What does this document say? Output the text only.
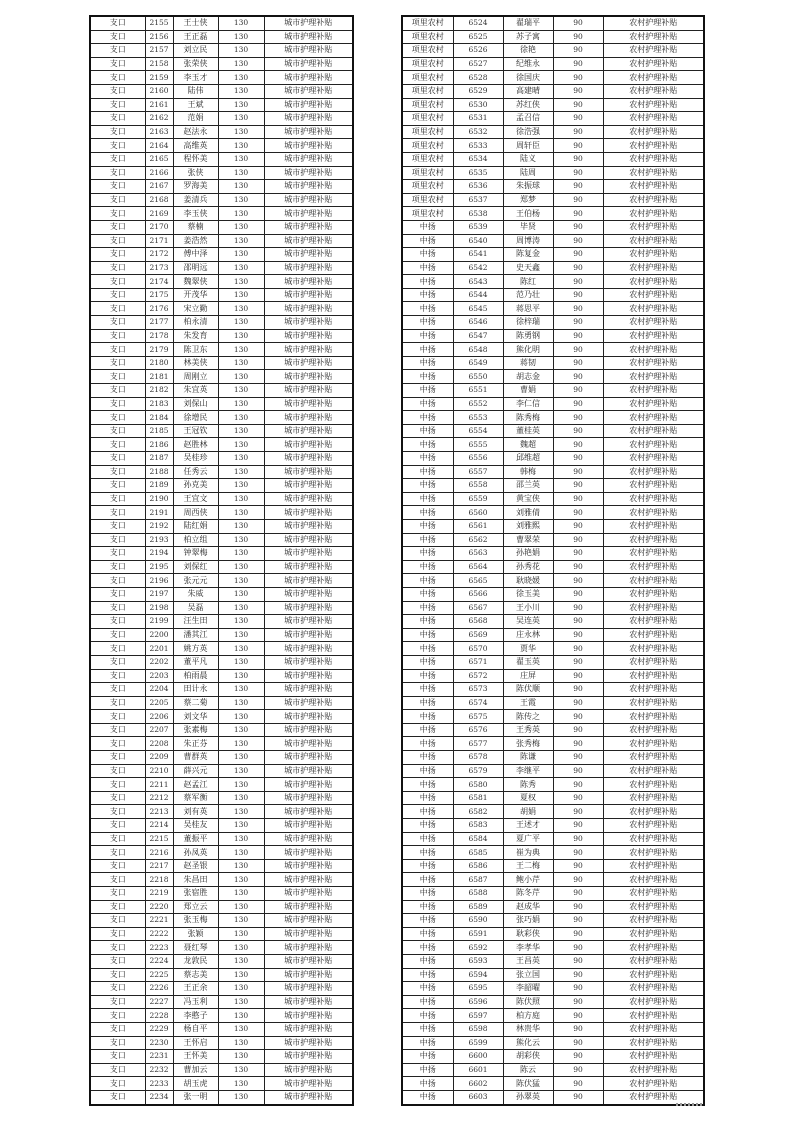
支口	2155	王士侠	130	城市护理补贴
支口	2156	王正磊	130	城市护理补贴
支口	2157	刘立民	130	城市护理补贴
支口	2158	张荣侠	130	城市护理补贴
支口	2159	李玉才	130	城市护理补贴
支口	2160	陆伟	130	城市护理补贴
支口	2161	王斌	130	城市护理补贴
支口	2162	范娟	130	城市护理补贴
支口	2163	赵法永	130	城市护理补贴
支口	2164	高维英	130	城市护理补贴
支口	2165	程怀美	130	城市护理补贴
支口	2166	张侠	130	城市护理补贴
支口	2167	罗海美	130	城市护理补贴
支口	2168	姜清兵	130	城市护理补贴
支口	2169	李玉侠	130	城市护理补贴
支口	2170	蔡楠	130	城市护理补贴
支口	2171	姜浩然	130	城市护理补贴
支口	2172	傅中泽	130	城市护理补贴
支口	2173	邵明远	130	城市护理补贴
支口	2174	魏翠侠	130	城市护理补贴
支口	2175	开茂华	130	城市护理补贴
支口	2176	宋立勤	130	城市护理补贴
支口	2177	柏永清	130	城市护理补贴
支口	2178	朱发育	130	城市护理补贴
支口	2179	陈卫东	130	城市护理补贴
支口	2180	林美侠	130	城市护理补贴
支口	2181	周刚立	130	城市护理补贴
支口	2182	朱宜英	130	城市护理补贴
支口	2183	刘保山	130	城市护理补贴
支口	2184	徐增民	130	城市护理补贴
支口	2185	王冠钦	130	城市护理补贴
支口	2186	赵胜林	130	城市护理补贴
支口	2187	吴桂珍	130	城市护理补贴
支口	2188	任秀云	130	城市护理补贴
支口	2189	孙克美	130	城市护理补贴
支口	2190	王宜文	130	城市护理补贴
支口	2191	周西侠	130	城市护理补贴
支口	2192	陆红娟	130	城市护理补贴
支口	2193	柏立组	130	城市护理补贴
支口	2194	钟翠梅	130	城市护理补贴
支口	2195	刘保红	130	城市护理补贴
支口	2196	张元元	130	城市护理补贴
支口	2197	朱威	130	城市护理补贴
支口	2198	吴磊	130	城市护理补贴
支口	2199	汪生田	130	城市护理补贴
支口	2200	潘其江	130	城市护理补贴
支口	2201	姚方英	130	城市护理补贴
支口	2202	董平凡	130	城市护理补贴
支口	2203	柏雨晨	130	城市护理补贴
支口	2204	田计永	130	城市护理补贴
支口	2205	蔡二菊	130	城市护理补贴
支口	2206	刘文华	130	城市护理补贴
支口	2207	张素梅	130	城市护理补贴
支口	2208	朱正芬	130	城市护理补贴
支口	2209	曹群英	130	城市护理补贴
支口	2210	薛兴元	130	城市护理补贴
支口	2211	赵孟江	130	城市护理补贴
支口	2212	蔡军衡	130	城市护理补贴
支口	2213	刘有英	130	城市护理补贴
支口	2214	吴桂友	130	城市护理补贴
支口	2215	董振平	130	城市护理补贴
支口	2216	孙凤英	130	城市护理补贴
支口	2217	赵圣银	130	城市护理补贴
支口	2218	朱昌田	130	城市护理补贴
支口	2219	张宿胜	130	城市护理补贴
支口	2220	郑立云	130	城市护理补贴
支口	2221	张玉梅	130	城市护理补贴
支口	2222	张颖	130	城市护理补贴
支口	2223	聂红琴	130	城市护理补贴
支口	2224	龙敦民	130	城市护理补贴
支口	2225	蔡志美	130	城市护理补贴
支口	2226	王正余	130	城市护理补贴
支口	2227	冯玉利	130	城市护理补贴
支口	2228	李憨子	130	城市护理补贴
支口	2229	杨自平	130	城市护理补贴
支口	2230	王怀启	130	城市护理补贴
支口	2231	王怀美	130	城市护理补贴
支口	2232	曹加云	130	城市护理补贴
支口	2233	胡玉虎	130	城市护理补贴
支口	2234	张一明	130	城市护理补贴
项里农村	6524	翟瑞平	90	农村护理补贴
项里农村	6525	苏子寓	90	农村护理补贴
项里农村	6526	徐艳	90	农村护理补贴
项里农村	6527	纪维永	90	农村护理补贴
项里农村	6528	徐国庆	90	农村护理补贴
项里农村	6529	高建晴	90	农村护理补贴
项里农村	6530	苏红侠	90	农村护理补贴
项里农村	6531	孟召信	90	农村护理补贴
项里农村	6532	徐浩强	90	农村护理补贴
项里农村	6533	周轩臣	90	农村护理补贴
项里农村	6534	陆义	90	农村护理补贴
项里农村	6535	陆周	90	农村护理补贴
项里农村	6536	朱振球	90	农村护理补贴
项里农村	6537	郑梦	90	农村护理补贴
项里农村	6538	王伯杨	90	农村护理补贴
中扬	6539	毕贤	90	农村护理补贴
中扬	6540	周博涛	90	农村护理补贴
中扬	6541	陈复金	90	农村护理补贴
中扬	6542	史天鑫	90	农村护理补贴
中扬	6543	陈红	90	农村护理补贴
中扬	6544	范乃壮	90	农村护理补贴
中扬	6545	蒋思平	90	农村护理补贴
中扬	6546	徐梓瑞	90	农村护理补贴
中扬	6547	陈勇钢	90	农村护理补贴
中扬	6548	熊化明	90	农村护理补贴
中扬	6549	蒋韧	90	农村护理补贴
中扬	6550	胡志金	90	农村护理补贴
中扬	6551	曹娟	90	农村护理补贴
中扬	6552	李仁信	90	农村护理补贴
中扬	6553	陈秀梅	90	农村护理补贴
中扬	6554	董桂英	90	农村护理补贴
中扬	6555	魏超	90	农村护理补贴
中扬	6556	邱维超	90	农村护理补贴
中扬	6557	韩梅	90	农村护理补贴
中扬	6558	邵兰英	90	农村护理补贴
中扬	6559	黄宝侠	90	农村护理补贴
中扬	6560	刘雅倩	90	农村护理补贴
中扬	6561	刘雅熙	90	农村护理补贴
中扬	6562	曹翠荣	90	农村护理补贴
中扬	6563	孙艳娟	90	农村护理补贴
中扬	6564	孙秀花	90	农村护理补贴
中扬	6565	耿晓媛	90	农村护理补贴
中扬	6566	徐玉美	90	农村护理补贴
中扬	6567	王小川	90	农村护理补贴
中扬	6568	吴连英	90	农村护理补贴
中扬	6569	庄永林	90	农村护理补贴
中扬	6570	贾华	90	农村护理补贴
中扬	6571	翟玉英	90	农村护理补贴
中扬	6572	庄屏	90	农村护理补贴
中扬	6573	陈伏顺	90	农村护理补贴
中扬	6574	王霞	90	农村护理补贴
中扬	6575	陈传之	90	农村护理补贴
中扬	6576	王秀英	90	农村护理补贴
中扬	6577	张秀梅	90	农村护理补贴
中扬	6578	陈谦	90	农村护理补贴
中扬	6579	李继平	90	农村护理补贴
中扬	6580	陈秀	90	农村护理补贴
中扬	6581	夏权	90	农村护理补贴
中扬	6582	胡娟	90	农村护理补贴
中扬	6583	王述才	90	农村护理补贴
中扬	6584	夏广平	90	农村护理补贴
中扬	6585	崔为典	90	农村护理补贴
中扬	6586	王二梅	90	农村护理补贴
中扬	6587	鲍小芹	90	农村护理补贴
中扬	6588	陈冬芹	90	农村护理补贴
中扬	6589	赵成华	90	农村护理补贴
中扬	6590	张巧娟	90	农村护理补贴
中扬	6591	耿彩侠	90	农村护理补贴
中扬	6592	李孝华	90	农村护理补贴
中扬	6593	王昌英	90	农村护理补贴
中扬	6594	张立国	90	农村护理补贴
中扬	6595	李韶曜	90	农村护理补贴
中扬	6596	陈伏照	90	农村护理补贴
中扬	6597	柏方庭	90	农村护理补贴
中扬	6598	林贵华	90	农村护理补贴
中扬	6599	熊化云	90	农村护理补贴
中扬	6600	胡彩侠	90	农村护理补贴
中扬	6601	陈云	90	农村护理补贴
中扬	6602	陈伏猛	90	农村护理补贴
中扬	6603	孙翠英	90	农村护理补贴
